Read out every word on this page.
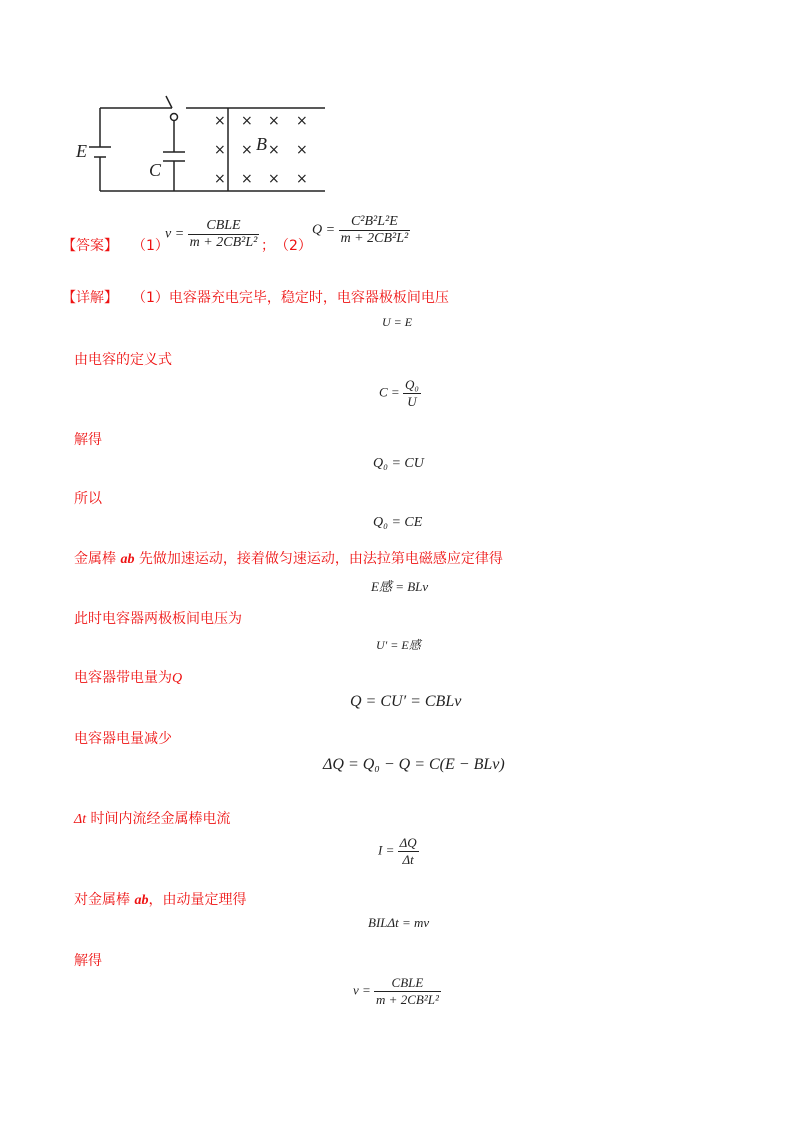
×
×
×
×
×
×
×
×
×
×
×
×
E
C
B
【答案】 （1）
$v = \frac{\text{CBLE}}{\text{m + 2CB²L²}}$ ； （2）
$Q = \frac{\text{C²B²L²E}}{\text{m + 2CB²L²}}$
【详解】 （1）电容器充电完毕，稳定时，电容器极板间电压
U = E
由电容的定义式
$C = \frac{\text{Q₀}}{U}$
解得
Q₀ = CU
所以
Q₀ = CE
金属棒 ab 先做加速运动，接着做匀速运动，由法拉第电磁感应定律得
E感 = BLv
此时电容器两极板间电压为
U′ = E感
电容器带电量为Q
Q = CU′ = CBLv
电容器电量减少
ΔQ = Q₀ − Q = C(E − BLv)
Δt 时间内流经金属棒电流
$I = \frac{\Delta Q}{\Delta t}$
对金属棒 ab，由动量定理得
BILΔt = mv
解得
$v = \frac{\text{CBLE}}{\text{m + 2CB²L²}}$
